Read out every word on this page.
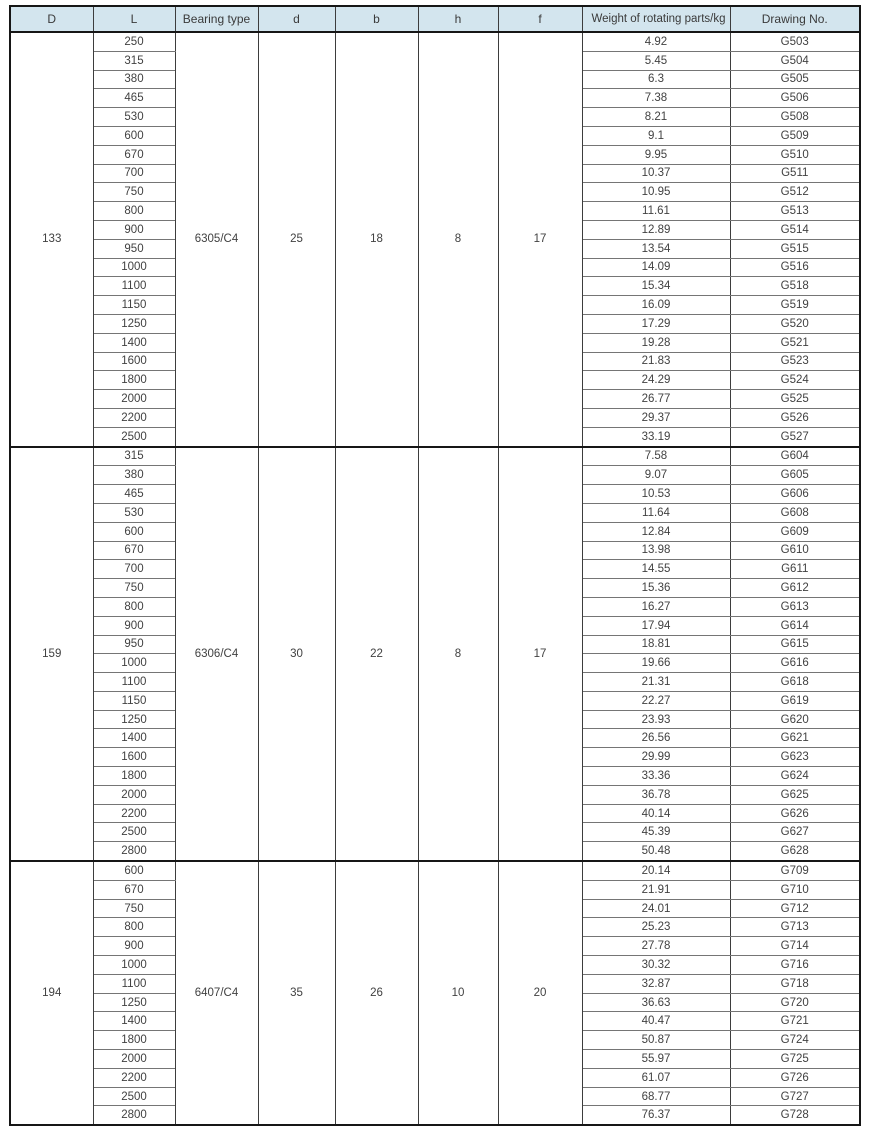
D	L	Bearing type	d	b	h	f	Weight of rotating parts/kg	Drawing No.
133	250	6305/C4	25	18	8	17	4.92	G503
	315						5.45	G504
	380						6.3	G505
	465						7.38	G506
	530						8.21	G508
	600						9.1	G509
	670						9.95	G510
	700						10.37	G511
	750						10.95	G512
	800						11.61	G513
	900						12.89	G514
	950						13.54	G515
	1000						14.09	G516
	1100						15.34	G518
	1150						16.09	G519
	1250						17.29	G520
	1400						19.28	G521
	1600						21.83	G523
	1800						24.29	G524
	2000						26.77	G525
	2200						29.37	G526
	2500						33.19	G527
159	315	6306/C4	30	22	8	17	7.58	G604
	380						9.07	G605
	465						10.53	G606
	530						11.64	G608
	600						12.84	G609
	670						13.98	G610
	700						14.55	G611
	750						15.36	G612
	800						16.27	G613
	900						17.94	G614
	950						18.81	G615
	1000						19.66	G616
	1100						21.31	G618
	1150						22.27	G619
	1250						23.93	G620
	1400						26.56	G621
	1600						29.99	G623
	1800						33.36	G624
	2000						36.78	G625
	2200						40.14	G626
	2500						45.39	G627
	2800						50.48	G628
194	600	6407/C4	35	26	10	20	20.14	G709
	670						21.91	G710
	750						24.01	G712
	800						25.23	G713
	900						27.78	G714
	1000						30.32	G716
	1100						32.87	G718
	1250						36.63	G720
	1400						40.47	G721
	1800						50.87	G724
	2000						55.97	G725
	2200						61.07	G726
	2500						68.77	G727
	2800						76.37	G728
